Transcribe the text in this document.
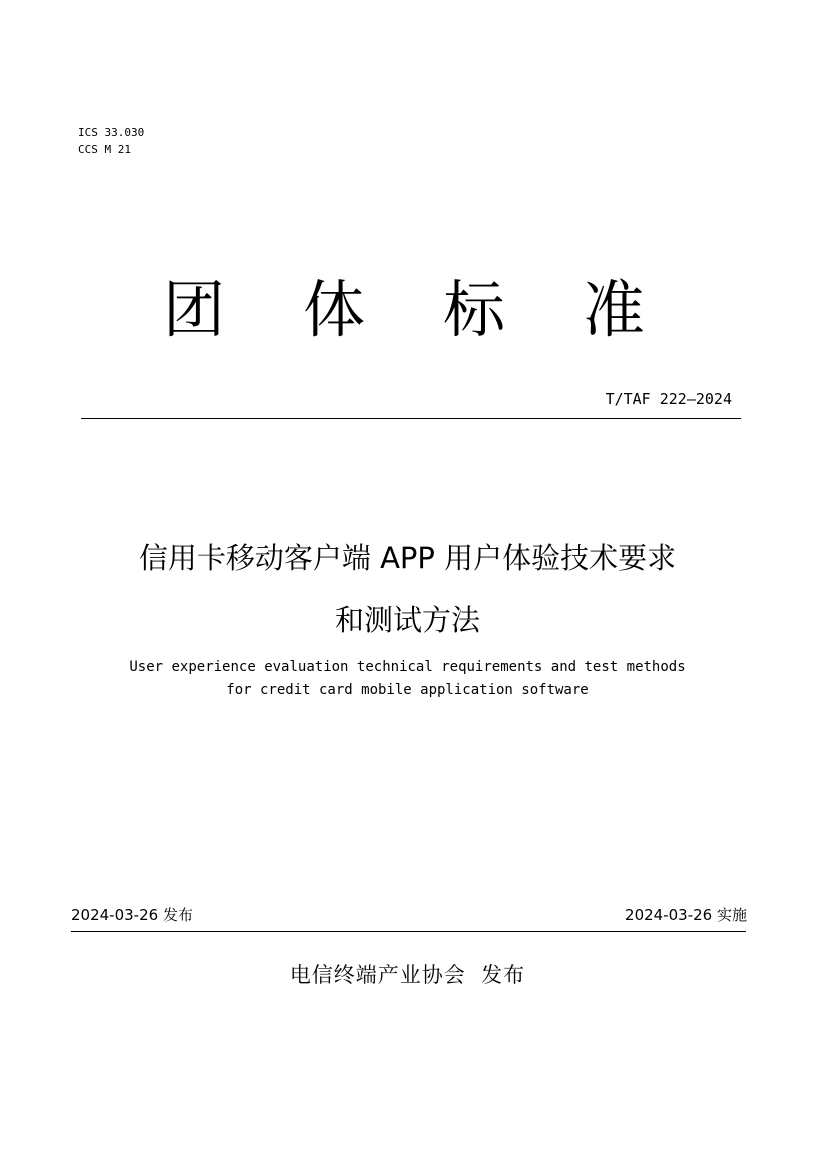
ICS 33.030
CCS M 21
团 体 标 准
T/TAF 222—2024
信用卡移动客户端 APP 用户体验技术要求
和测试方法
User experience evaluation technical requirements and test methods
for credit card mobile application software
2024-03-26 发布	2024-03-26 实施
电信终端产业协会  发布
